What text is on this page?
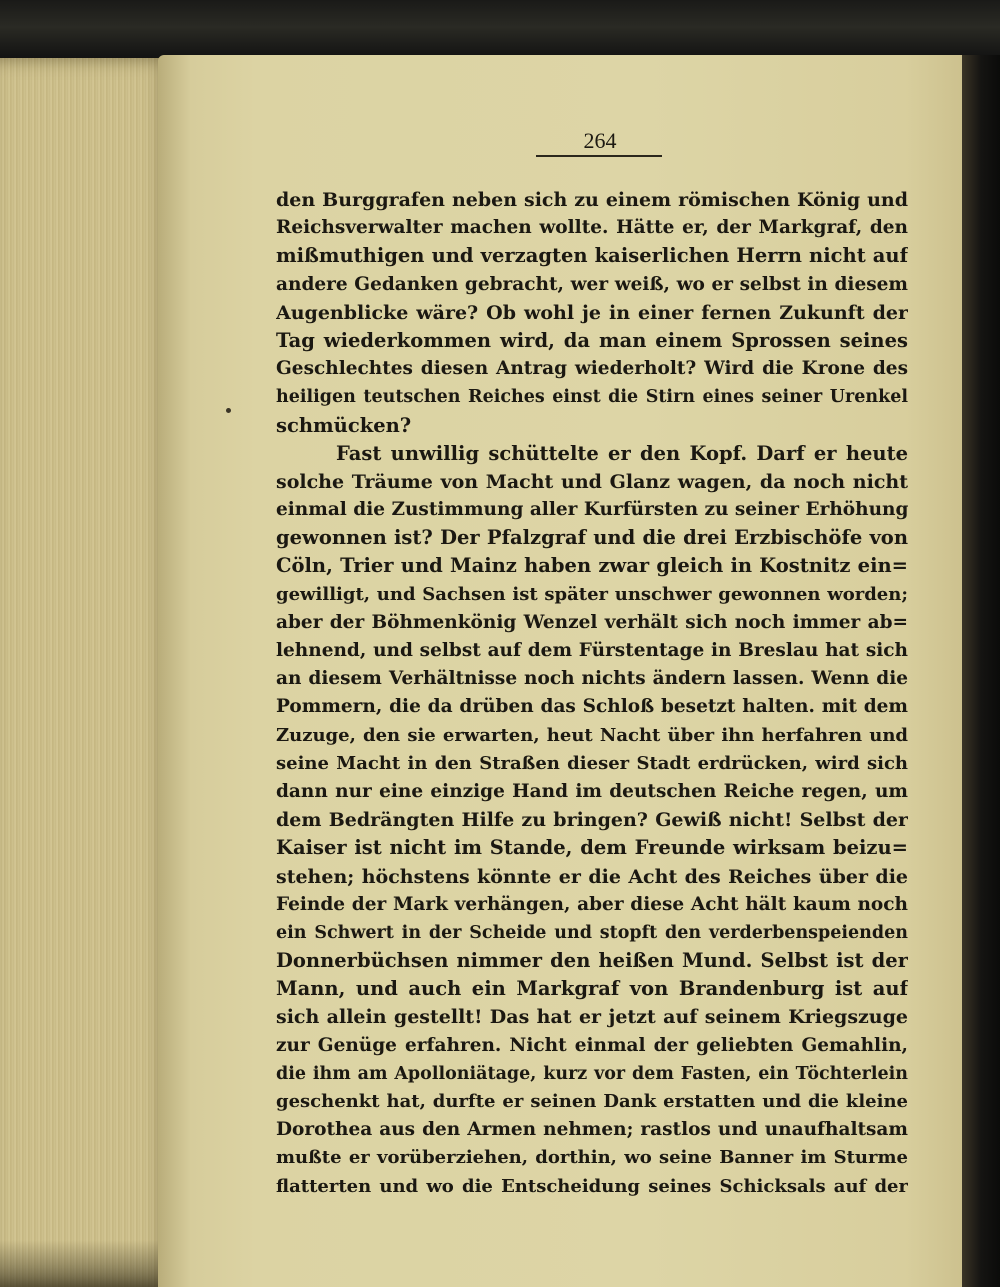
264
den Burggrafen neben sich zu einem römischen König und
Reichsverwalter machen wollte. Hätte er, der Markgraf, den
mißmuthigen und verzagten kaiserlichen Herrn nicht auf
andere Gedanken gebracht, wer weiß, wo er selbst in diesem
Augenblicke wäre? Ob wohl je in einer fernen Zukunft der
Tag wiederkommen wird, da man einem Sprossen seines
Geschlechtes diesen Antrag wiederholt? Wird die Krone des
heiligen teutschen Reiches einst die Stirn eines seiner Urenkel
schmücken?
Fast unwillig schüttelte er den Kopf. Darf er heute
solche Träume von Macht und Glanz wagen, da noch nicht
einmal die Zustimmung aller Kurfürsten zu seiner Erhöhung
gewonnen ist? Der Pfalzgraf und die drei Erzbischöfe von
Cöln, Trier und Mainz haben zwar gleich in Kostnitz ein=
gewilligt, und Sachsen ist später unschwer gewonnen worden;
aber der Böhmenkönig Wenzel verhält sich noch immer ab=
lehnend, und selbst auf dem Fürstentage in Breslau hat sich
an diesem Verhältnisse noch nichts ändern lassen. Wenn die
Pommern, die da drüben das Schloß besetzt halten. mit dem
Zuzuge, den sie erwarten, heut Nacht über ihn herfahren und
seine Macht in den Straßen dieser Stadt erdrücken, wird sich
dann nur eine einzige Hand im deutschen Reiche regen, um
dem Bedrängten Hilfe zu bringen? Gewiß nicht! Selbst der
Kaiser ist nicht im Stande, dem Freunde wirksam beizu=
stehen; höchstens könnte er die Acht des Reiches über die
Feinde der Mark verhängen, aber diese Acht hält kaum noch
ein Schwert in der Scheide und stopft den verderbenspeienden
Donnerbüchsen nimmer den heißen Mund. Selbst ist der
Mann, und auch ein Markgraf von Brandenburg ist auf
sich allein gestellt! Das hat er jetzt auf seinem Kriegszuge
zur Genüge erfahren. Nicht einmal der geliebten Gemahlin,
die ihm am Apolloniätage, kurz vor dem Fasten, ein Töchterlein
geschenkt hat, durfte er seinen Dank erstatten und die kleine
Dorothea aus den Armen nehmen; rastlos und unaufhaltsam
mußte er vorüberziehen, dorthin, wo seine Banner im Sturme
flatterten und wo die Entscheidung seines Schicksals auf der
